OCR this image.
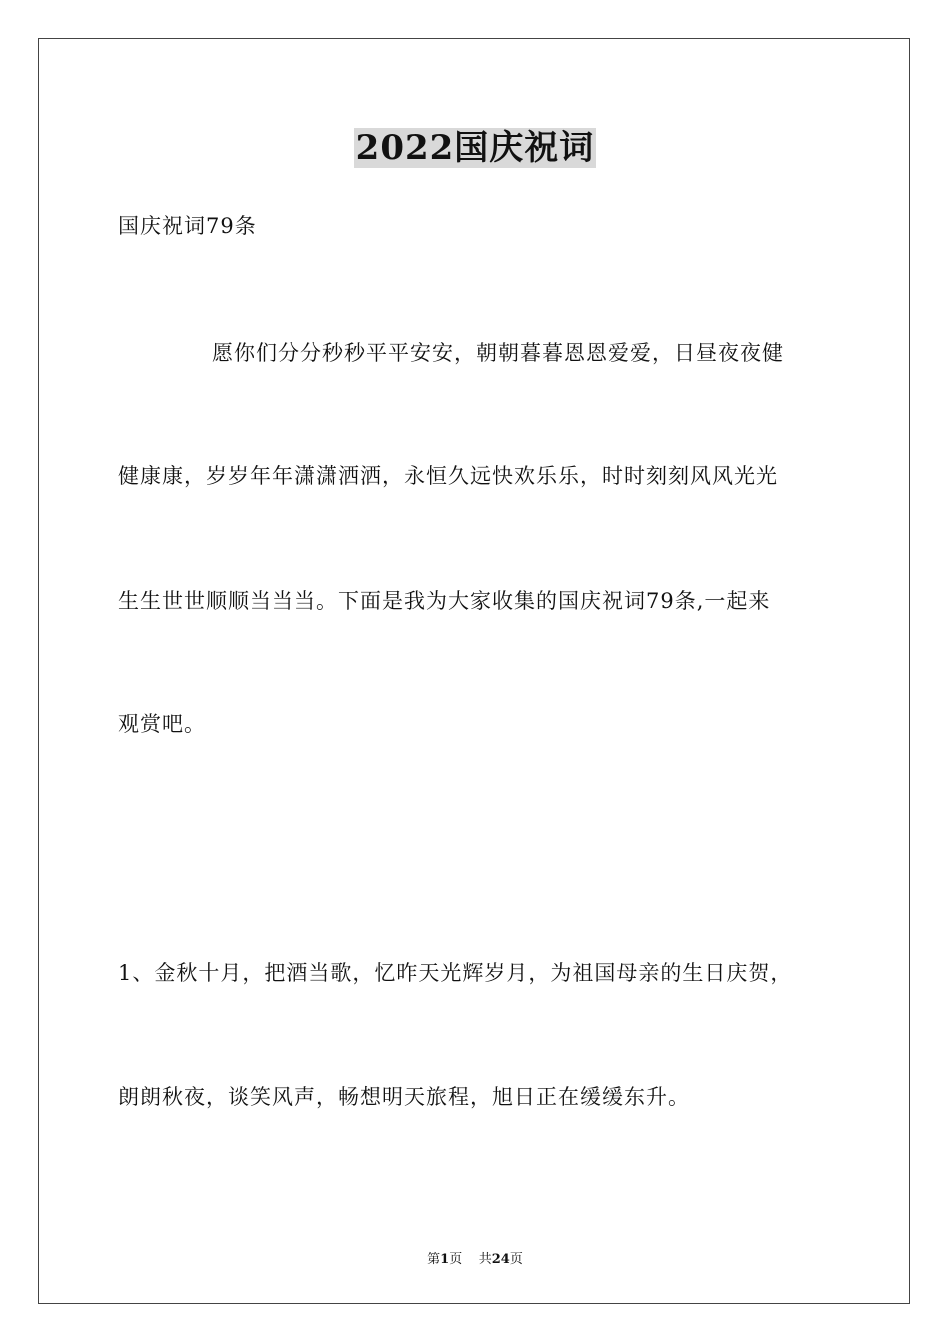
2022国庆祝词
国庆祝词79条
愿你们分分秒秒平平安安，朝朝暮暮恩恩爱爱，日昼夜夜健
健康康，岁岁年年潇潇洒洒，永恒久远快欢乐乐，时时刻刻风风光光
生生世世顺顺当当当。下面是我为大家收集的国庆祝词79条,一起来
观赏吧。
1、金秋十月，把酒当歌，忆昨天光辉岁月，为祖国母亲的生日庆贺，
朗朗秋夜，谈笑风声，畅想明天旅程，旭日正在缓缓东升。
第1页 共24页
